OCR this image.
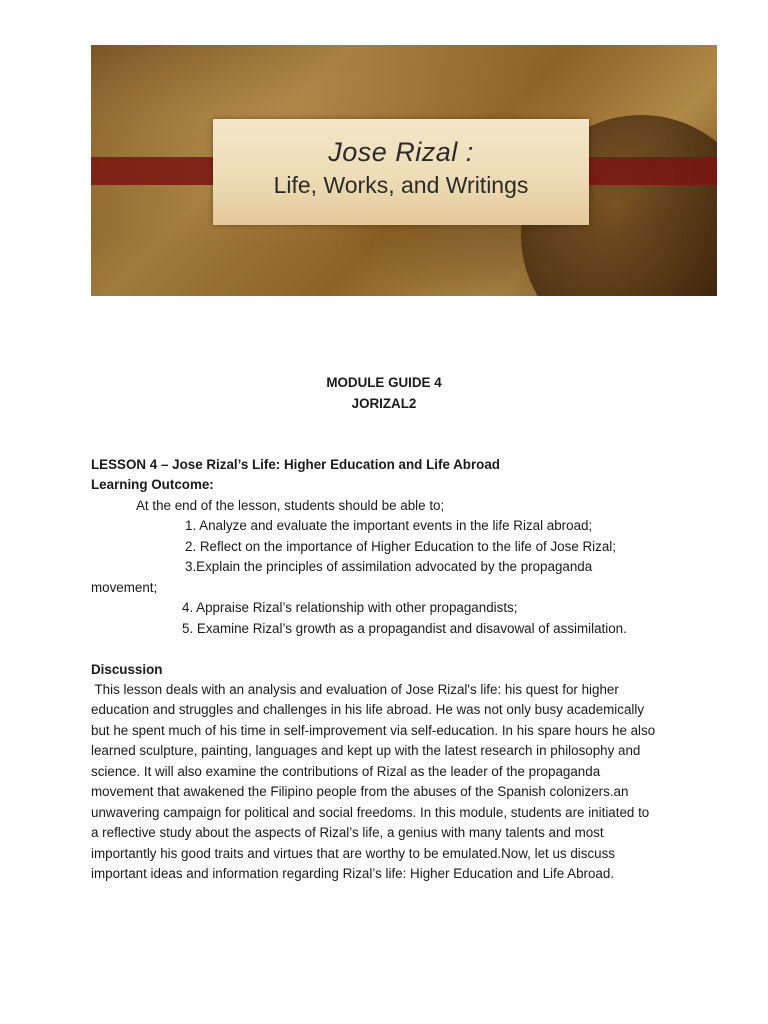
Jose Rizal :
Life, Works, and Writings
MODULE GUIDE 4
JORIZAL2
LESSON 4 – Jose Rizal’s Life: Higher Education and Life Abroad
Learning Outcome:
At the end of the lesson, students should be able to;
1. Analyze and evaluate the important events in the life Rizal abroad;
2. Reflect on the importance of Higher Education to the life of Jose Rizal;
3.Explain the principles of assimilation advocated by the propaganda
movement;
4. Appraise Rizal’s relationship with other propagandists;
5. Examine Rizal’s growth as a propagandist and disavowal of assimilation.
Discussion
This lesson deals with an analysis and evaluation of Jose Rizal's life: his quest for higher
education and struggles and challenges in his life abroad. He was not only busy academically
but he spent much of his time in self-improvement via self-education. In his spare hours he also
learned sculpture, painting, languages and kept up with the latest research in philosophy and
science. It will also examine the contributions of Rizal as the leader of the propaganda
movement that awakened the Filipino people from the abuses of the Spanish colonizers.an
unwavering campaign for political and social freedoms. In this module, students are initiated to
a reflective study about the aspects of Rizal’s life, a genius with many talents and most
importantly his good traits and virtues that are worthy to be emulated.Now, let us discuss
important ideas and information regarding Rizal’s life: Higher Education and Life Abroad.
